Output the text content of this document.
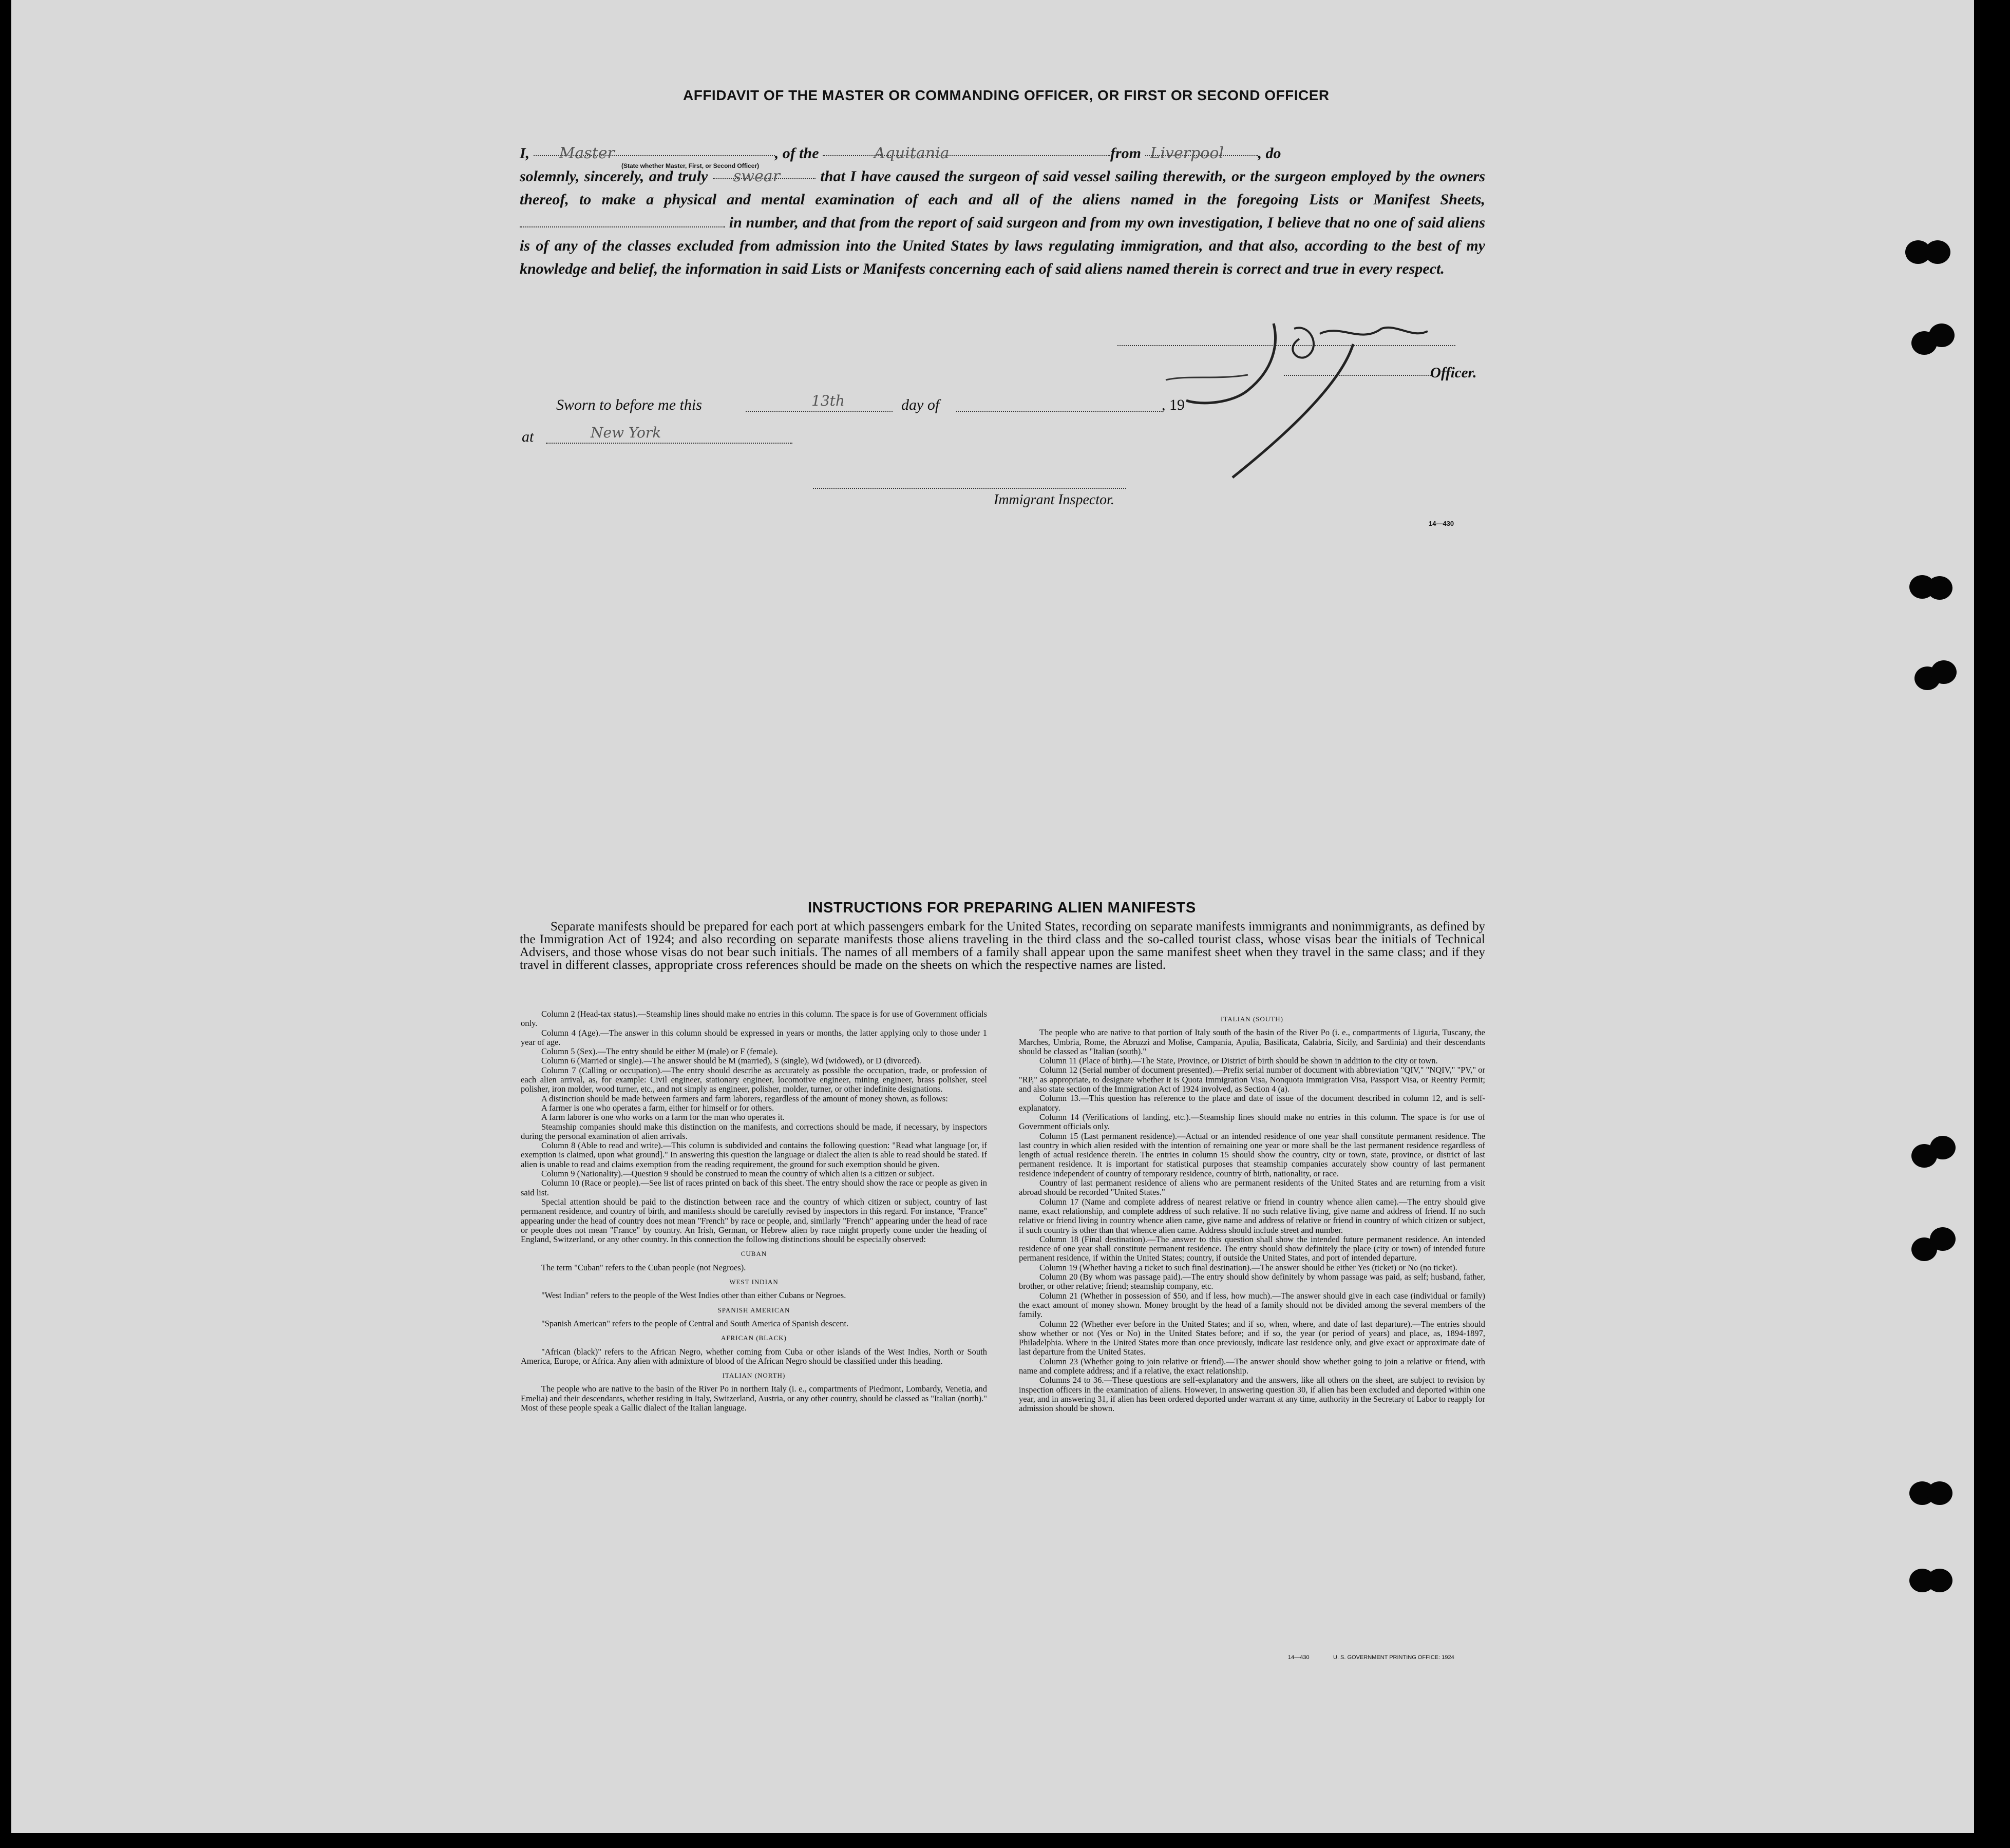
AFFIDAVIT OF THE MASTER OR COMMANDING OFFICER, OR FIRST OR SECOND OFFICER
I, Master	, of the	Aquitania	from Liverpool , do
solemnly, sincerely, and truly swear	that I have caused the surgeon of said vessel sailing therewith, or the surgeon employed by the owners thereof, to make a physical and mental examination of each and all of the aliens named in the foregoing Lists or Manifest Sheets,  in number, and that from the report of said surgeon and from my own investigation, I believe that no one of said aliens is of any of the classes excluded from admission into the United States by laws regulating immigration, and that also, according to the best of my knowledge and belief, the information in said Lists or Manifests concerning each of said aliens named therein is correct and true in every respect.
(State whether Master, First, or Second Officer)
Officer.
Sworn to before me this	13th	day of	, 19
at	New York
Immigrant Inspector.
14—430
INSTRUCTIONS FOR PREPARING ALIEN MANIFESTS
Separate manifests should be prepared for each port at which passengers embark for the United States, recording on separate manifests immigrants and nonimmigrants, as defined by the Immigration Act of 1924; and also recording on separate manifests those aliens traveling in the third class and the so-called tourist class, whose visas bear the initials of Technical Advisers, and those whose visas do not bear such initials. The names of all members of a family shall appear upon the same manifest sheet when they travel in the same class; and if they travel in different classes, appropriate cross references should be made on the sheets on which the respective names are listed.

Column 2 (Head-tax status).—Steamship lines should make no entries in this column. The space is for use of Government officials only.

Column 4 (Age).—The answer in this column should be expressed in years or months, the latter applying only to those under 1 year of age.

Column 5 (Sex).—The entry should be either M (male) or F (female).

Column 6 (Married or single).—The answer should be M (married), S (single), Wd (widowed), or D (divorced).

Column 7 (Calling or occupation).—The entry should describe as accurately as possible the occupation, trade, or profession of each alien arrival, as, for example: Civil engineer, stationary engineer, locomotive engineer, mining engineer, brass polisher, steel polisher, iron molder, wood turner, etc., and not simply as engineer, polisher, molder, turner, or other indefinite designations.

A distinction should be made between farmers and farm laborers, regardless of the amount of money shown, as follows:

A farmer is one who operates a farm, either for himself or for others.

A farm laborer is one who works on a farm for the man who operates it.

Steamship companies should make this distinction on the manifests, and corrections should be made, if necessary, by inspectors during the personal examination of alien arrivals.

Column 8 (Able to read and write).—This column is subdivided and contains the following question: "Read what language [or, if exemption is claimed, upon what ground]." In answering this question the language or dialect the alien is able to read should be stated. If alien is unable to read and claims exemption from the reading requirement, the ground for such exemption should be given.

Column 9 (Nationality).—Question 9 should be construed to mean the country of which alien is a citizen or subject.

Column 10 (Race or people).—See list of races printed on back of this sheet. The entry should show the race or people as given in said list.

Special attention should be paid to the distinction between race and the country of which citizen or subject, country of last permanent residence, and country of birth, and manifests should be carefully revised by inspectors in this regard. For instance, "France" appearing under the head of country does not mean "French" by race or people, and, similarly "French" appearing under the head of race or people does not mean "France" by country. An Irish, German, or Hebrew alien by race might properly come under the heading of England, Switzerland, or any other country. In this connection the following distinctions should be especially observed:

CUBAN

The term "Cuban" refers to the Cuban people (not Negroes).

WEST INDIAN

"West Indian" refers to the people of the West Indies other than either Cubans or Negroes.

SPANISH AMERICAN

"Spanish American" refers to the people of Central and South America of Spanish descent.

AFRICAN (BLACK)

"African (black)" refers to the African Negro, whether coming from Cuba or other islands of the West Indies, North or South America, Europe, or Africa. Any alien with admixture of blood of the African Negro should be classified under this heading.

ITALIAN (NORTH)

The people who are native to the basin of the River Po in northern Italy (i. e., compartments of Piedmont, Lombardy, Venetia, and Emelia) and their descendants, whether residing in Italy, Switzerland, Austria, or any other country, should be classed as "Italian (north)." Most of these people speak a Gallic dialect of the Italian language.

ITALIAN (SOUTH)

The people who are native to that portion of Italy south of the basin of the River Po (i. e., compartments of Liguria, Tuscany, the Marches, Umbria, Rome, the Abruzzi and Molise, Campania, Apulia, Basilicata, Calabria, Sicily, and Sardinia) and their descendants should be classed as "Italian (south)."

Column 11 (Place of birth).—The State, Province, or District of birth should be shown in addition to the city or town.

Column 12 (Serial number of document presented).—Prefix serial number of document with abbreviation "QIV," "NQIV," "PV," or "RP," as appropriate, to designate whether it is Quota Immigration Visa, Nonquota Immigration Visa, Passport Visa, or Reentry Permit; and also state section of the Immigration Act of 1924 involved, as Section 4 (a).

Column 13.—This question has reference to the place and date of issue of the document described in column 12, and is self-explanatory.

Column 14 (Verifications of landing, etc.).—Steamship lines should make no entries in this column. The space is for use of Government officials only.

Column 15 (Last permanent residence).—Actual or an intended residence of one year shall constitute permanent residence. The last country in which alien resided with the intention of remaining one year or more shall be the last permanent residence regardless of length of actual residence therein. The entries in column 15 should show the country, city or town, state, province, or district of last permanent residence. It is important for statistical purposes that steamship companies accurately show country of last permanent residence independent of country of temporary residence, country of birth, nationality, or race.

Country of last permanent residence of aliens who are permanent residents of the United States and are returning from a visit abroad should be recorded "United States."

Column 17 (Name and complete address of nearest relative or friend in country whence alien came).—The entry should give name, exact relationship, and complete address of such relative. If no such relative living, give name and address of friend. If no such relative or friend living in country whence alien came, give name and address of relative or friend in country of which citizen or subject, if such country is other than that whence alien came. Address should include street and number.

Column 18 (Final destination).—The answer to this question shall show the intended future permanent residence. An intended residence of one year shall constitute permanent residence. The entry should show definitely the place (city or town) of intended future permanent residence, if within the United States; country, if outside the United States, and port of intended departure.

Column 19 (Whether having a ticket to such final destination).—The answer should be either Yes (ticket) or No (no ticket).

Column 20 (By whom was passage paid).—The entry should show definitely by whom passage was paid, as self; husband, father, brother, or other relative; friend; steamship company, etc.

Column 21 (Whether in possession of $50, and if less, how much).—The answer should give in each case (individual or family) the exact amount of money shown. Money brought by the head of a family should not be divided among the several members of the family.

Column 22 (Whether ever before in the United States; and if so, when, where, and date of last departure).—The entries should show whether or not (Yes or No) in the United States before; and if so, the year (or period of years) and place, as, 1894-1897, Philadelphia. Where in the United States more than once previously, indicate last residence only, and give exact or approximate date of last departure from the United States.

Column 23 (Whether going to join relative or friend).—The answer should show whether going to join a relative or friend, with name and complete address; and if a relative, the exact relationship.

Columns 24 to 36.—These questions are self-explanatory and the answers, like all others on the sheet, are subject to revision by inspection officers in the examination of aliens. However, in answering question 30, if alien has been excluded and deported within one year, and in answering 31, if alien has been ordered deported under warrant at any time, authority in the Secretary of Labor to reapply for admission should be shown.

14—430	U. S. GOVERNMENT PRINTING OFFICE: 1924
